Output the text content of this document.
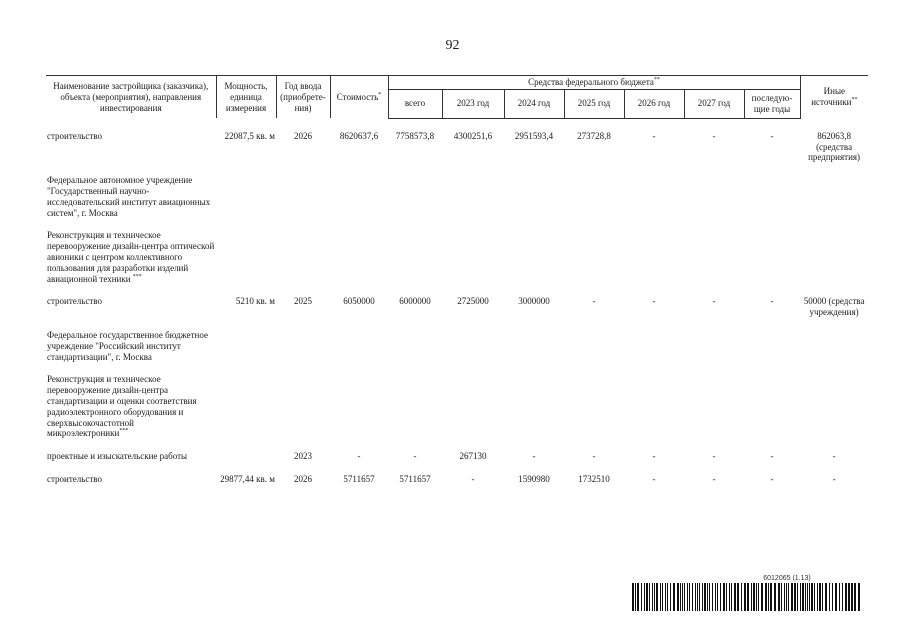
92
Наименование застройщика (заказчика), объекта (мероприятия), направления инвестирования	Мощность, единица измерения	Год ввода (приобрете-ния)	Стоимость*	Средства федерального бюджета**							Иные источники**
				всего	2023 год	2024 год	2025 год	2026 год	2027 год	последую-щие годы	

строительство	22087,5 кв. м	2026	8620637,6	7758573,8	4300251,6	2951593,4	273728,8	-	-	-	862063,8 (средства предприятия)

Федеральное автономное учреждение "Государственный научно-исследовательский институт авиационных систем", г. Москва											

Реконструкция и техническое перевооружение дизайн-центра оптической авионики с центром коллективного пользования для разработки изделий авиационной техники ***	

строительство	5210 кв. м	2025	6050000	6000000	2725000	3000000	-	-	-	-	50000 (средства учреждения)

Федеральное государственное бюджетное учреждение "Российский институт стандартизации", г. Москва											

Реконструкция и техническое перевооружение дизайн-центра стандартизации и оценки соответствия радиоэлектронного оборудования и сверхвысокочастотной микроэлектроники***	

проектные и изыскательские работы		2023	-	-	267130	-	-	-	-	-	-

строительство	29877,44 кв. м	2026	5711657	5711657	-	1590980	1732510	-	-	-	-
6012065 (1.13)
